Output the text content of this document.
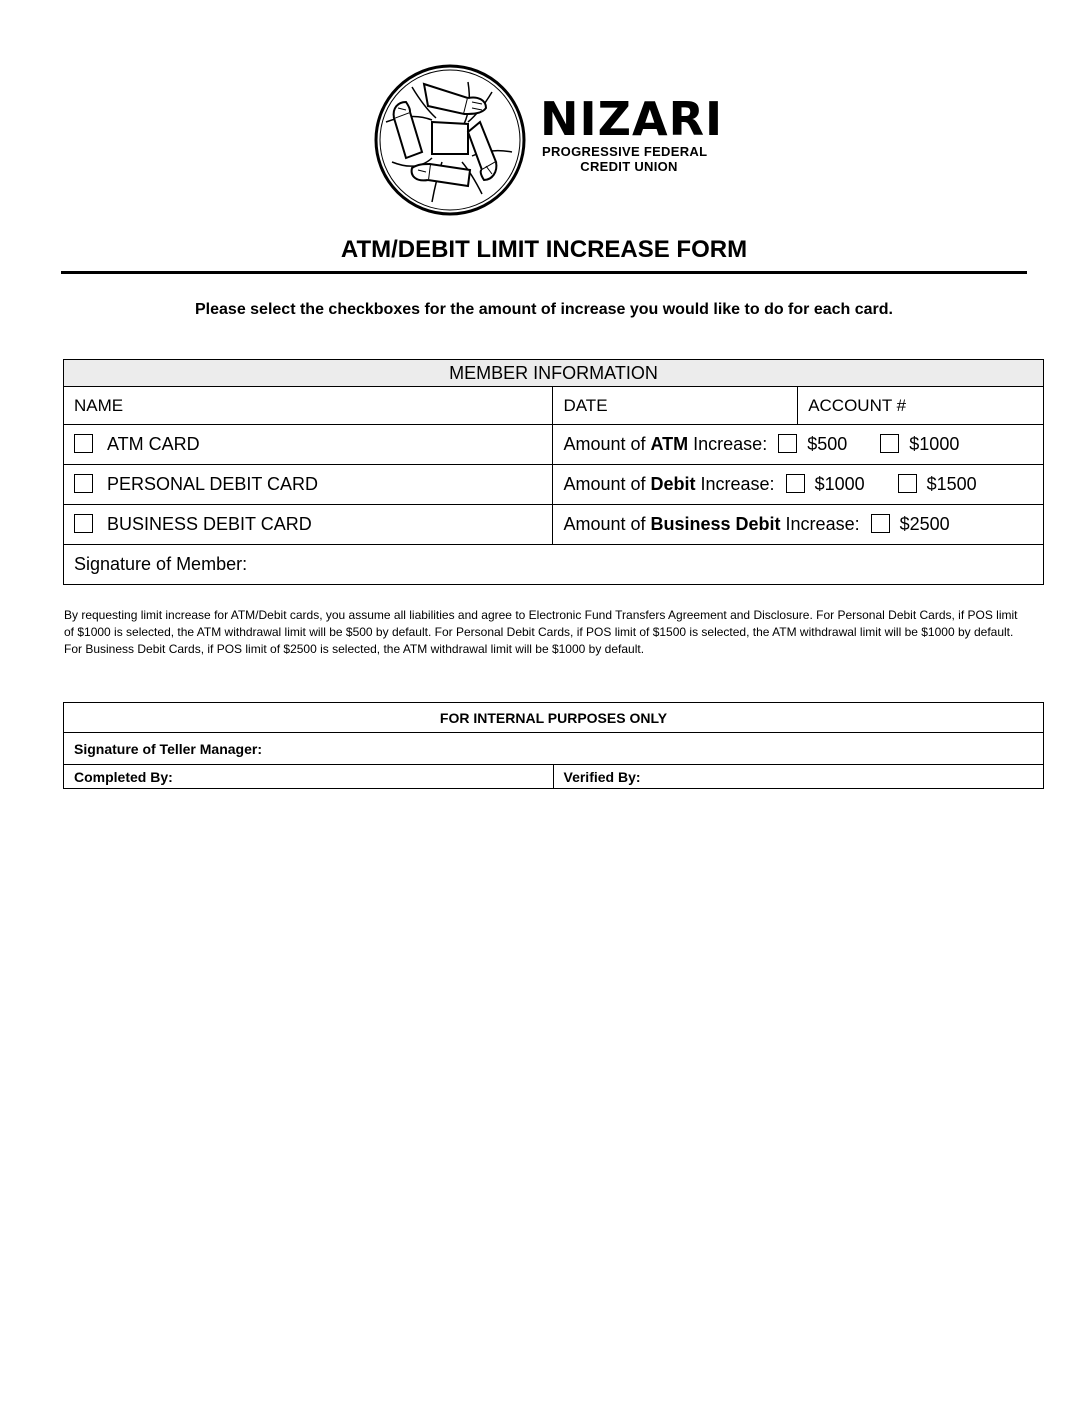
NIZARI
PROGRESSIVE FEDERAL
CREDIT UNION
ATM/DEBIT LIMIT INCREASE FORM
Please select the checkboxes for the amount of increase you would like to do for each card.
MEMBER INFORMATION		
NAME	DATE	ACCOUNT #
ATM CARD	Amount of ATM Increase: $500 $1000	
PERSONAL DEBIT CARD	Amount of Debit Increase: $1000 $1500	
BUSINESS DEBIT CARD	Amount of Business Debit Increase: $2500	
Signature of Member:		
By requesting limit increase for ATM/Debit cards, you assume all liabilities and agree to Electronic Fund Transfers Agreement and Disclosure. For Personal Debit Cards, if POS limit of $1000 is selected, the ATM withdrawal limit will be $500 by default. For Personal Debit Cards, if POS limit of $1500 is selected, the ATM withdrawal limit will be $1000 by default. For Business Debit Cards, if POS limit of $2500 is selected, the ATM withdrawal limit will be $1000 by default.
FOR INTERNAL PURPOSES ONLY
Signature of Teller Manager:
Completed By:	Verified By:
